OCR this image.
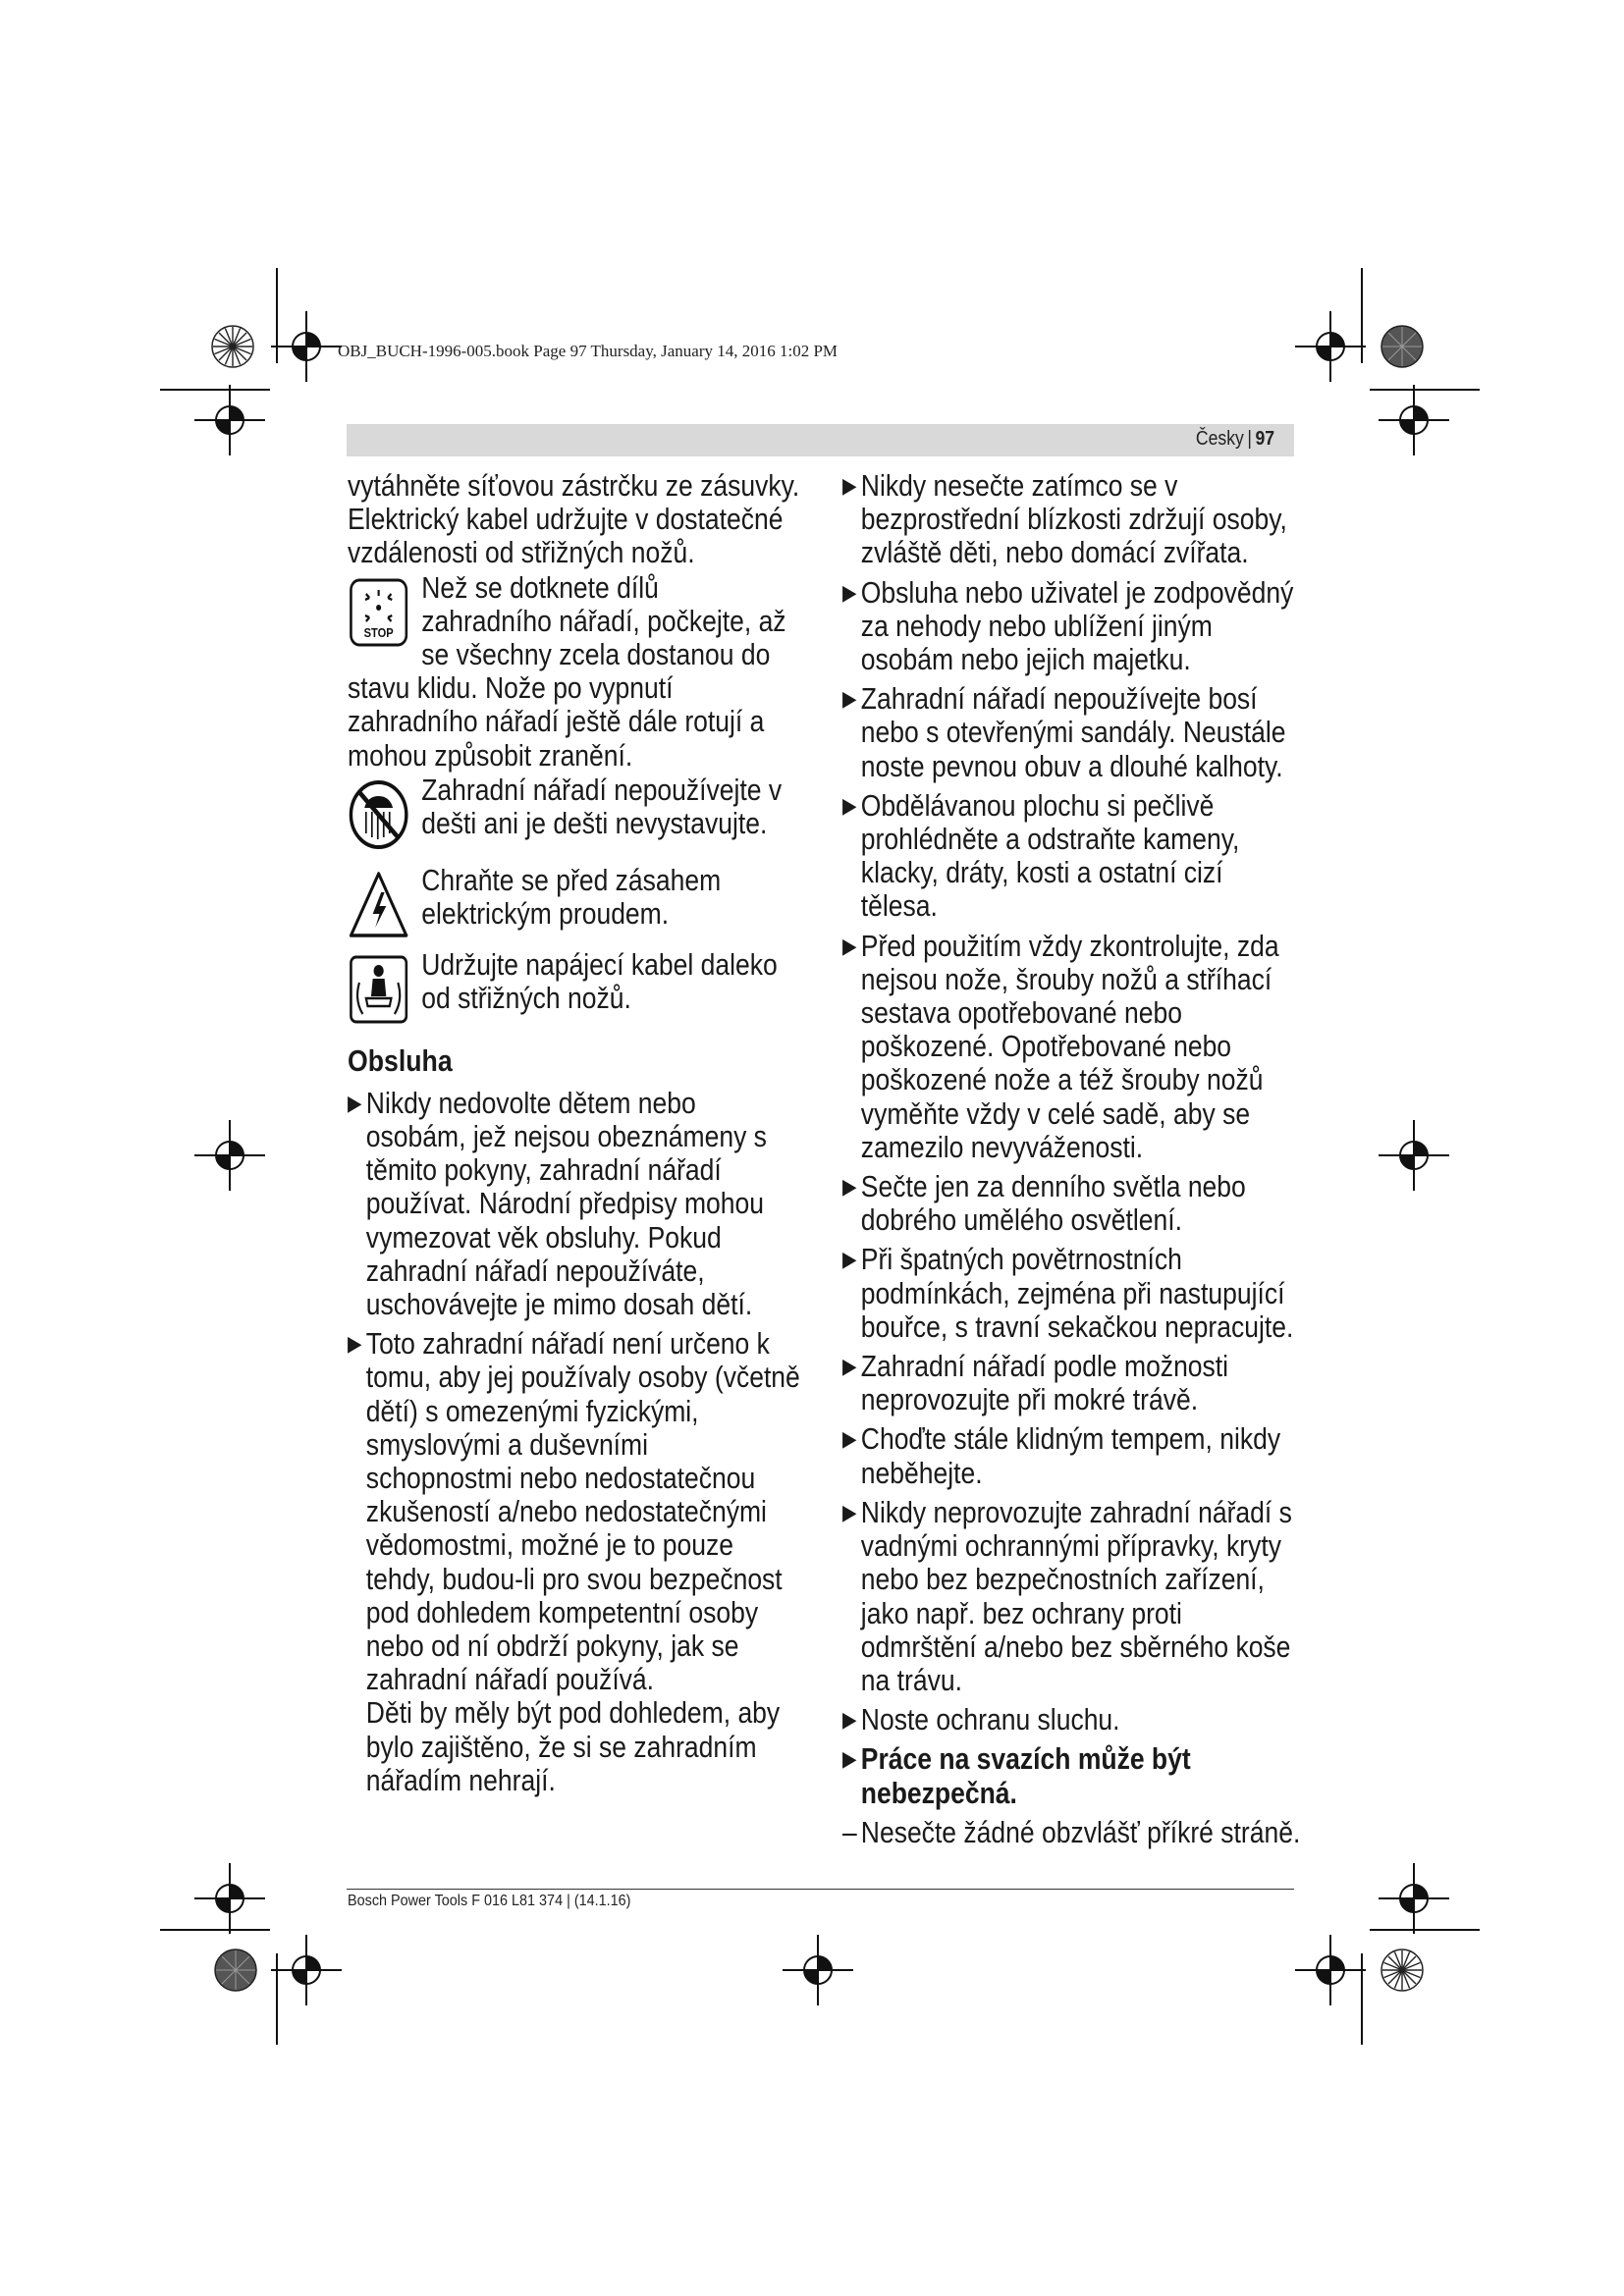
OBJ_BUCH-1996-005.book Page 97 Thursday, January 14, 2016 1:02 PM
Česky | 97

vytáhněte síťovou zástrčku ze zásuvky.

Elektrický kabel udržujte v dostatečné

vzdálenosti od střižných nožů.

STOP

Než se dotknete dílů

zahradního nářadí, počkejte, až

se všechny zcela dostanou do

stavu klidu. Nože po vypnutí

zahradního nářadí ještě dále rotují a

mohou způsobit zranění.

Zahradní nářadí nepoužívejte v

dešti ani je dešti nevystavujte.

Chraňte se před zásahem

elektrickým proudem.

Udržujte napájecí kabel daleko

od střižných nožů.

Obsluha
▶ Nikdy nedovolte dětem nebo

osobám, jež nejsou obeznámeny s

těmito pokyny, zahradní nářadí

používat. Národní předpisy mohou

vymezovat věk obsluhy. Pokud

zahradní nářadí nepoužíváte,

uschovávejte je mimo dosah dětí.

▶ Toto zahradní nářadí není určeno k

tomu, aby jej používaly osoby (včetně

dětí) s omezenými fyzickými,

smyslovými a duševními

schopnostmi nebo nedostatečnou

zkušeností a/nebo nedostatečnými

vědomostmi, možné je to pouze

tehdy, budou-li pro svou bezpečnost

pod dohledem kompetentní osoby

nebo od ní obdrží pokyny, jak se

zahradní nářadí používá.

Děti by měly být pod dohledem, aby

bylo zajištěno, že si se zahradním

nářadím nehrají.

▶ Nikdy nesečte zatímco se v

bezprostřední blízkosti zdržují osoby,

zvláště děti, nebo domácí zvířata.

▶ Obsluha nebo uživatel je zodpovědný

za nehody nebo ublížení jiným

osobám nebo jejich majetku.

▶ Zahradní nářadí nepoužívejte bosí

nebo s otevřenými sandály. Neustále

noste pevnou obuv a dlouhé kalhoty.

▶ Obdělávanou plochu si pečlivě

prohlédněte a odstraňte kameny,

klacky, dráty, kosti a ostatní cizí tělesa.

▶ Před použitím vždy zkontrolujte, zda

nejsou nože, šrouby nožů a stříhací

sestava opotřebované nebo

poškozené. Opotřebované nebo

poškozené nože a též šrouby nožů

vyměňte vždy v celé sadě, aby se

zamezilo nevyváženosti.

▶ Sečte jen za denního světla nebo

dobrého umělého osvětlení.

▶ Při špatných povětrnostních

podmínkách, zejména při nastupující

bouřce, s travní sekačkou nepracujte.

▶ Zahradní nářadí podle možnosti

neprovozujte při mokré trávě.

▶ Choďte stále klidným tempem, nikdy

neběhejte.

▶ Nikdy neprovozujte zahradní nářadí s

vadnými ochrannými přípravky, kryty

nebo bez bezpečnostních zařízení,

jako např. bez ochrany proti

odmrštění a/nebo bez sběrného koše

na trávu.

▶ Noste ochranu sluchu.

▶ Práce na svazích může být

nebezpečná.

– Nesečte žádné obzvlášť příkré stráně.

Bosch Power Tools F 016 L81 374 | (14.1.16)
